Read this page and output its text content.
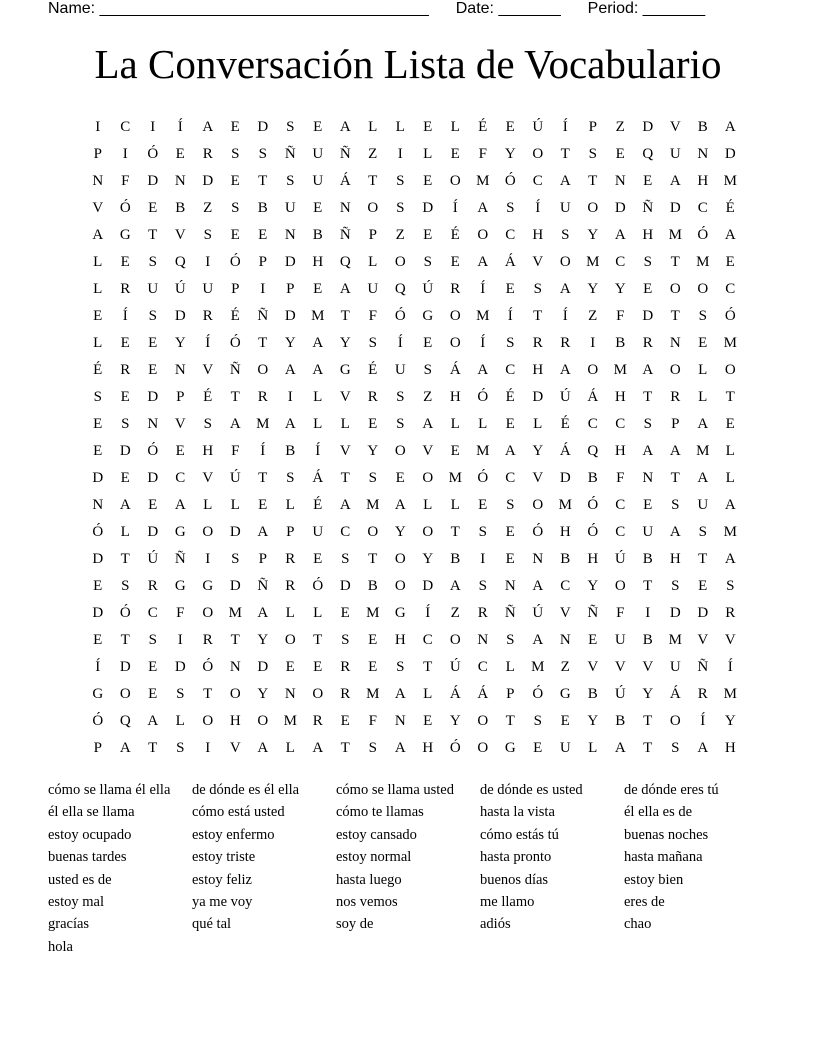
Name: _____________________________________ Date: _______ Period: _______
La Conversación Lista de Vocabulario
I	C	I	Í	A	E	D	S	E	A	L	L	E	L	É	E	Ú	Í	P	Z	D	V	B	A
P	I	Ó	E	R	S	S	Ñ	U	Ñ	Z	I	L	E	F	Y	O	T	S	E	Q	U	N	D
N	F	D	N	D	E	T	S	U	Á	T	S	E	O	M	Ó	C	A	T	N	E	A	H	M
V	Ó	E	B	Z	S	B	U	E	N	O	S	D	Í	A	S	Í	U	O	D	Ñ	D	C	É
A	G	T	V	S	E	E	N	B	Ñ	P	Z	E	É	O	C	H	S	Y	A	H	M	Ó	A
L	E	S	Q	I	Ó	P	D	H	Q	L	O	S	E	A	Á	V	O	M	C	S	T	M	E
L	R	U	Ú	U	P	I	P	E	A	U	Q	Ú	R	Í	E	S	A	Y	Y	E	O	O	C
E	Í	S	D	R	É	Ñ	D	M	T	F	Ó	G	O	M	Í	T	Í	Z	F	D	T	S	Ó
L	E	E	Y	Í	Ó	T	Y	A	Y	S	Í	E	O	Í	S	R	R	I	B	R	N	E	M
É	R	E	N	V	Ñ	O	A	A	G	É	U	S	Á	A	C	H	A	O	M	A	O	L	O
S	E	D	P	É	T	R	I	L	V	R	S	Z	H	Ó	É	D	Ú	Á	H	T	R	L	T
E	S	N	V	S	A	M	A	L	L	E	S	A	L	L	E	L	É	C	C	S	P	A	E
E	D	Ó	E	H	F	Í	B	Í	V	Y	O	V	E	M	A	Y	Á	Q	H	A	A	M	L
D	E	D	C	V	Ú	T	S	Á	T	S	E	O	M	Ó	C	V	D	B	F	N	T	A	L
N	A	E	A	L	L	E	L	É	A	M	A	L	L	E	S	O	M	Ó	C	E	S	U	A
Ó	L	D	G	O	D	A	P	U	C	O	Y	O	T	S	E	Ó	H	Ó	C	U	A	S	M
D	T	Ú	Ñ	I	S	P	R	E	S	T	O	Y	B	I	E	N	B	H	Ú	B	H	T	A
E	S	R	G	G	D	Ñ	R	Ó	D	B	O	D	A	S	N	A	C	Y	O	T	S	E	S
D	Ó	C	F	O	M	A	L	L	E	M	G	Í	Z	R	Ñ	Ú	V	Ñ	F	I	D	D	R
E	T	S	I	R	T	Y	O	T	S	E	H	C	O	N	S	A	N	E	U	B	M	V	V
Í	D	E	D	Ó	N	D	E	E	R	E	S	T	Ú	C	L	M	Z	V	V	V	U	Ñ	Í
G	O	E	S	T	O	Y	N	O	R	M	A	L	Á	Á	P	Ó	G	B	Ú	Y	Á	R	M
Ó	Q	A	L	O	H	O	M	R	E	F	N	E	Y	O	T	S	E	Y	B	T	O	Í	Y
P	A	T	S	I	V	A	L	A	T	S	A	H	Ó	O	G	E	U	L	A	T	S	A	H
cómo se llama él ella	de dónde es él ella	cómo se llama usted	de dónde es usted	de dónde eres tú
él ella se llama	cómo está usted	cómo te llamas	hasta la vista	él ella es de
estoy ocupado	estoy enfermo	estoy cansado	cómo estás tú	buenas noches
buenas tardes	estoy triste	estoy normal	hasta pronto	hasta mañana
usted es de	estoy feliz	hasta luego	buenos días	estoy bien
estoy mal	ya me voy	nos vemos	me llamo	eres de
gracías	qué tal	soy de	adiós	chao
hola
